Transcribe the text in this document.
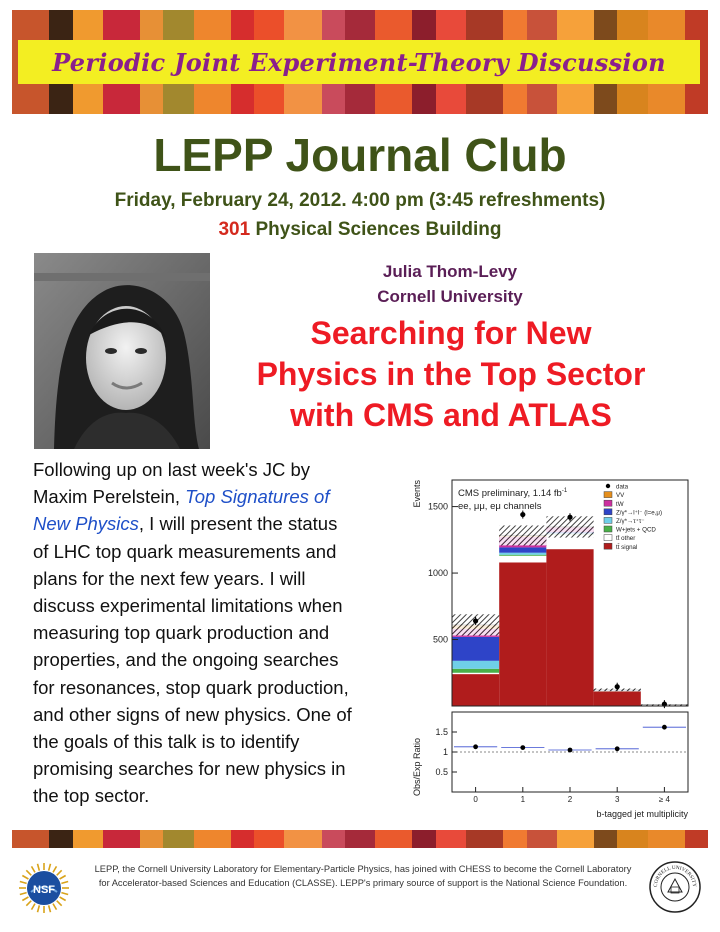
Periodic Joint Experiment-Theory Discussion
LEPP Journal Club
Friday, February 24, 2012. 4:00 pm (3:45 refreshments)
301 Physical Sciences Building
Julia Thom-Levy
Cornell University
Searching for New
Physics in the Top Sector
with CMS and ATLAS
Following up on last week's JC by
Maxim Perelstein, Top Signatures of
New Physics, I will present the status
of LHC top quark measurements and
plans for the next few years. I will
discuss experimental limitations when
measuring top quark production and
properties, and the ongoing searches
for resonances, stop quark production,
and other signs of new physics. One of
the goals of this talk is to identify
promising searches for new physics in
the top sector.
500
1000
1500
Events	CMS preliminary, 1.14 $fb^{-1}$
ee, μμ, eμ channels
data
VV
tW
Z/γ*→l⁺l⁻ (l=e,μ)
Z/γ*→τ⁺τ⁻
W+jets + QCD
tt̄ other
tt̄ signal
0.5
1
1.5
0	1	2	3	≥ 4
Obs/Exp Ratio
b-tagged jet multiplicity
NSF
LEPP, the Cornell University Laboratory for Elementary-Particle Physics, has joined with CHESS to become the Cornell Laboratory for Accelerator-based Sciences and Education (CLASSE). LEPP's primary source of support is the National Science Foundation.	CORNELL UNIVERSITY
